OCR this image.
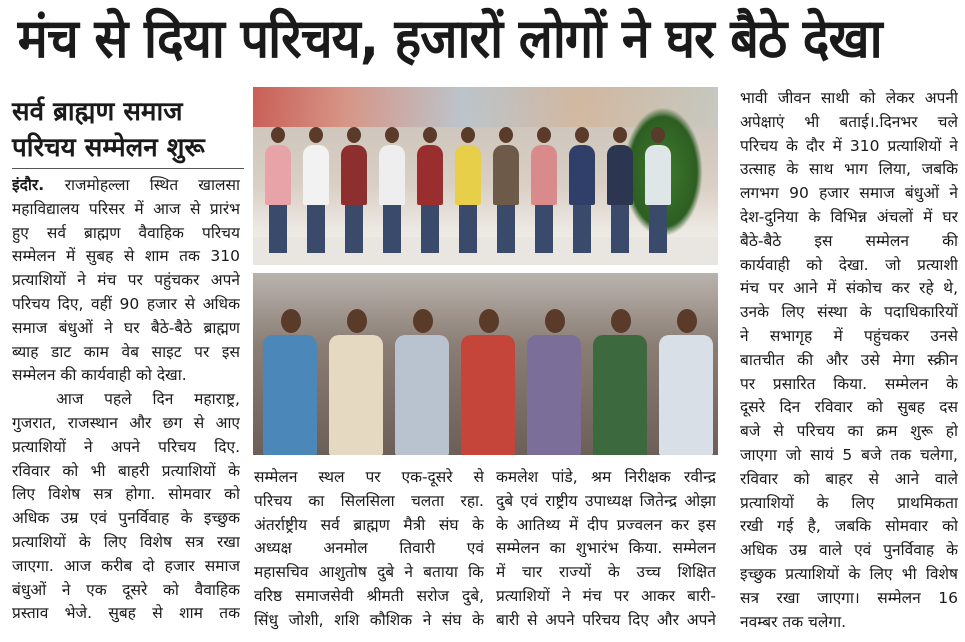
मंच से दिया परिचय, हजारों लोगों ने घर बैठे देखा
सर्व ब्राह्मण समाज
परिचय सम्मेलन शुरू
इंदौर. राजमोहल्ला स्थित खालसा
महाविद्यालय परिसर में आज से प्रारंभ
हुए सर्व ब्राह्मण वैवाहिक परिचय
सम्मेलन में सुबह से शाम तक 310
प्रत्याशियों ने मंच पर पहुंचकर अपने
परिचय दिए, वहीं 90 हजार से अधिक
समाज बंधुओं ने घर बैठे-बैठे ब्राह्मण
ब्याह डाट काम वेब साइट पर इस
सम्मेलन की कार्यवाही को देखा.
आज पहले दिन महाराष्ट्र,
गुजरात, राजस्थान और छग से आए
प्रत्याशियों ने अपने परिचय दिए.
रविवार को भी बाहरी प्रत्याशियों के
लिए विशेष सत्र होगा. सोमवार को
अधिक उम्र एवं पुनर्विवाह के इच्छुक
प्रत्याशियों के लिए विशेष सत्र रखा
जाएगा. आज करीब दो हजार समाज
बंधुओं ने एक दूसरे को वैवाहिक
प्रस्ताव भेजे. सुबह से शाम तक
सम्मेलन स्थल पर एक-दूसरे से
परिचय का सिलसिला चलता रहा.
अंतर्राष्ट्रीय सर्व ब्राह्मण मैत्री संघ के
अध्यक्ष अनमोल तिवारी एवं
महासचिव आशुतोष दुबे ने बताया कि
वरिष्ठ समाजसेवी श्रीमती सरोज दुबे,
सिंधु जोशी, शशि कौशिक ने संघ के
कमलेश पांडे, श्रम निरीक्षक रवीन्द्र
दुबे एवं राष्ट्रीय उपाध्यक्ष जितेन्द्र ओझा
के आतिथ्य में दीप प्रज्वलन कर इस
सम्मेलन का शुभारंभ किया. सम्मेलन
में चार राज्यों के उच्च शिक्षित
प्रत्याशियों ने मंच पर आकर बारी-
बारी से अपने परिचय दिए और अपने
भावी जीवन साथी को लेकर अपनी
अपेक्षाएं भी बताई।.दिनभर चले
परिचय के दौर में 310 प्रत्याशियों ने
उत्साह के साथ भाग लिया, जबकि
लगभग 90 हजार समाज बंधुओं ने
देश-दुनिया के विभिन्न अंचलों में घर
बैठे-बैठे इस सम्मेलन की
कार्यवाही को देखा. जो प्रत्याशी
मंच पर आने में संकोच कर रहे थे,
उनके लिए संस्था के पदाधिकारियों
ने सभागृह में पहुंचकर उनसे
बातचीत की और उसे मेगा स्क्रीन
पर प्रसारित किया. सम्मेलन के
दूसरे दिन रविवार को सुबह दस
बजे से परिचय का क्रम शुरू हो
जाएगा जो सायं 5 बजे तक चलेगा,
रविवार को बाहर से आने वाले
प्रत्याशियों के लिए प्राथमिकता
रखी गई है, जबकि सोमवार को
अधिक उम्र वाले एवं पुनर्विवाह के
इच्छुक प्रत्याशियों के लिए भी विशेष
सत्र रखा जाएगा। सम्मेलन 16
नवम्बर तक चलेगा.
